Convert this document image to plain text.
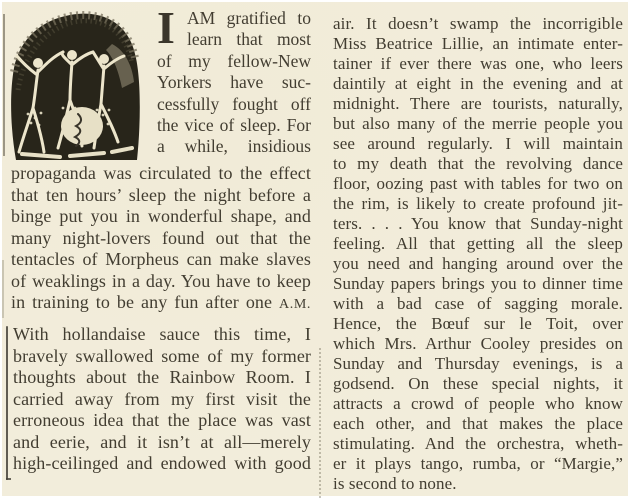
I AM gratified to
learn that most
of my fellow-New
Yorkers have suc-
cessfully fought off
the vice of sleep. For
a while, insidious
propaganda was circulated to the effect
that ten hours’ sleep the night before a
binge put you in wonderful shape, and
many night-lovers found out that the
tentacles of Morpheus can make slaves
of weaklings in a day. You have to keep
in training to be any fun after one A.M.
With hollandaise sauce this time, I
bravely swallowed some of my former
thoughts about the Rainbow Room. I
carried away from my first visit the
erroneous idea that the place was vast
and eerie, and it isn’t at all—merely
high-ceilinged and endowed with good
air. It doesn’t swamp the incorrigible
Miss Beatrice Lillie, an intimate enter-
tainer if ever there was one, who leers
daintily at eight in the evening and at
midnight. There are tourists, naturally,
but also many of the merrie people you
see around regularly. I will maintain
to my death that the revolving dance
floor, oozing past with tables for two on
the rim, is likely to create profound jit-
ters. . . . You know that Sunday-night
feeling. All that getting all the sleep
you need and hanging around over the
Sunday papers brings you to dinner time
with a bad case of sagging morale.
Hence, the Bœuf sur le Toit, over
which Mrs. Arthur Cooley presides on
Sunday and Thursday evenings, is a
godsend. On these special nights, it
attracts a crowd of people who know
each other, and that makes the place
stimulating. And the orchestra, wheth-
er it plays tango, rumba, or “Margie,”
is second to none.
